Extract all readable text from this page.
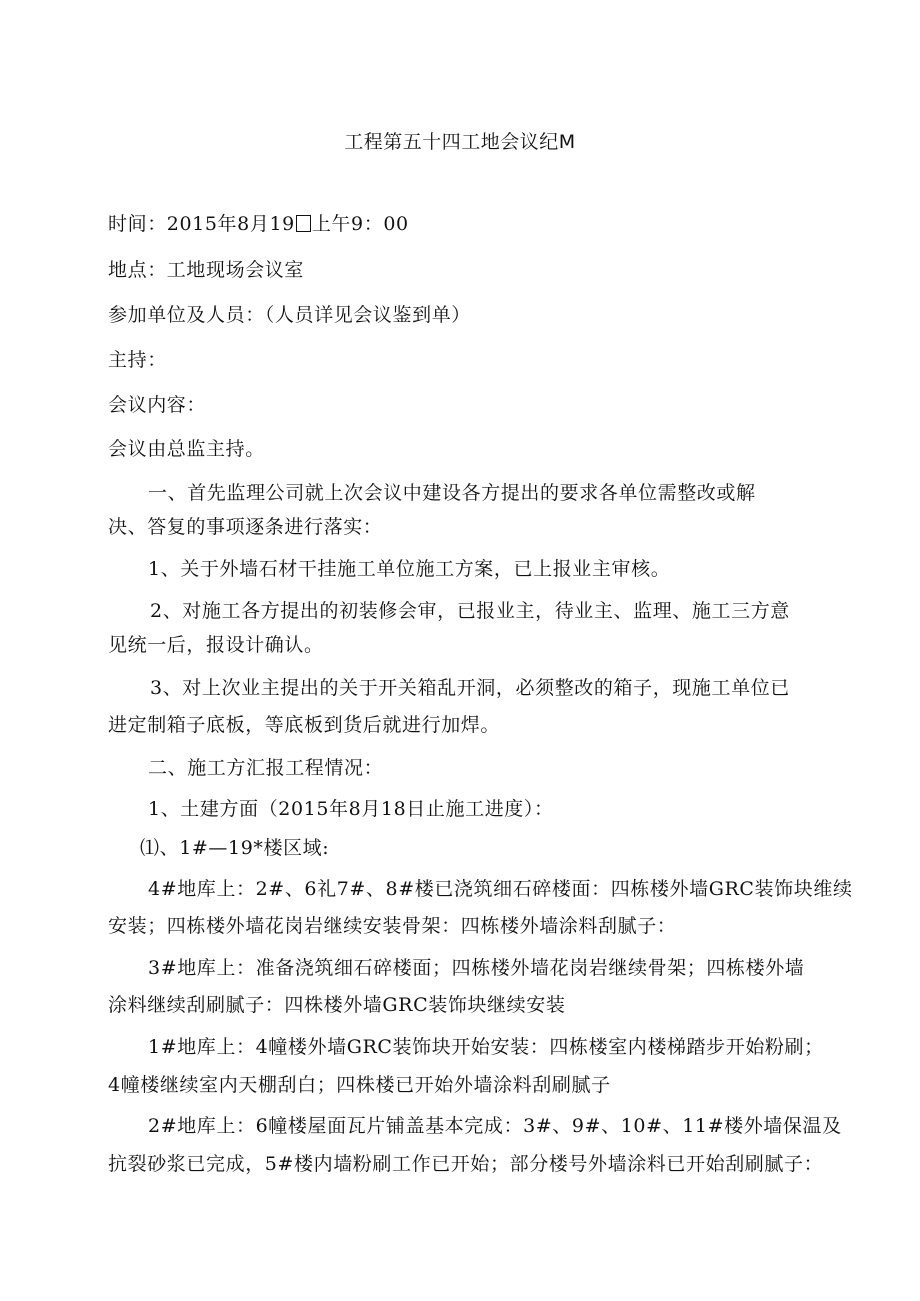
工程第五十四工地会议纪M
时间：2015年8月19 上午9：00
地点：工地现场会议室
参加单位及人员：（人员详见会议鉴到单）
主持：
会议内容：
会议由总监主持。
一、首先监理公司就上次会议中建设各方提出的要求各单位需整改或解
决、答复的事项逐条进行落实：
1、关于外墙石材干挂施工单位施工方案，已上报业主审核。
2、对施工各方提出的初装修会审，已报业主，待业主、监理、施工三方意
见统一后，报设计确认。
3、对上次业主提出的关于开关箱乱开洞，必须整改的箱子，现施工单位已
进定制箱子底板，等底板到货后就进行加焊。
二、施工方汇报工程情况：
1、土建方面（2015年8月18日止施工进度）：
⑴、1#—19*楼区域:
4#地库上：2#、6礼7#、8#楼已浇筑细石碎楼面：四栋楼外墙GRC装饰块维续
安装；四栋楼外墙花岗岩继续安装骨架：四栋楼外墙涂料刮腻子：
3#地库上：准备浇筑细石碎楼面；四栋楼外墙花岗岩继续骨架；四栋楼外墙
涂料继续刮刷腻子：四株楼外墙GRC装饰块继续安装
1#地库上：4幢楼外墙GRC装饰块开始安装：四栋楼室内楼梯踏步开始粉刷；
4幢楼继续室内天棚刮白；四株楼已开始外墙涂料刮刷腻子
2#地库上：6幢楼屋面瓦片铺盖基本完成：3#、9#、10#、11#楼外墙保温及
抗裂砂浆已完成，5#楼内墙粉刷工作已开始；部分楼号外墙涂料已开始刮刷腻子：
